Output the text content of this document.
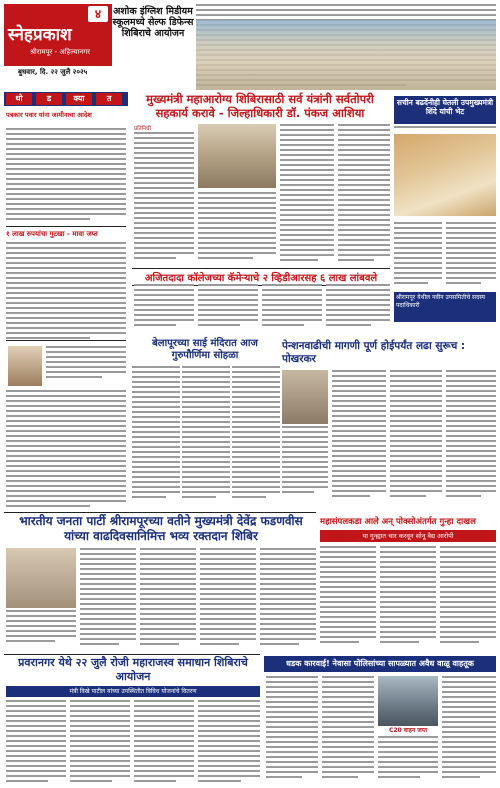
४
स्नेहप्रकाश
श्रीरामपूर - अहिल्यानगर
बुधवार, दि. २२ जुलै २०२५
अशोक इंग्लिश मिडीयम स्कूलमध्ये सेल्फ डिफेन्स शिबिराचे आयोजन
थो	ड	क्या	त	मुख्यमंत्री महाआरोग्य शिबिरासाठी सर्व यंत्रांनी सर्वतोपरी सहकार्य करावे - जिल्हाधिकारी डॉ. पंकज आशिया
सचीन बढदेंनीही घेतली उपमुख्यमंत्री शिंदे यांची भेट
पत्रकार पवार यांना जामीनाचा आदेश
१ लाख रुपयांचा गुटखा - मावा जप्त
प्रतिनिधी
श्रीरामपूर येथील नवीन उपसमितीचे सदस्य पदाधिकारी
अजितदादा कॉलेजच्या कॅमेऱ्याचे २ व्हिडीआरसह ६ लाख लांबवले
बेलापूरच्या साई मंदिरात आज गुरुपौर्णिमा सोहळा
पेन्शनवाढीची मागणी पूर्ण होईपर्यंत लढा सुरूच : पोखरकर
भारतीय जनता पार्टी श्रीरामपूरच्या वतीने मुख्यमंत्री देवेंद्र फडणवीस यांच्या वाढदिवसानिमित्त भव्य रक्तदान शिबिर
महासंपलकडा आले अन् पोक्सोअंतर्गत गुन्हा दाखल
या गुन्ह्यात चार करवून सोनू वैद्य आरोपी
प्रवरानगर येथे २२ जुलै रोजी महाराजस्व समाधान शिबिराचे आयोजन
मंत्री विखे पाटील यांच्या उपस्थितीत विविध योजनांचे वितरण
धडक कारवाई! नेवासा पोलिसांच्या सापळ्यात अवैध वाळू वाहतूक
C20 वाहन जप्त
